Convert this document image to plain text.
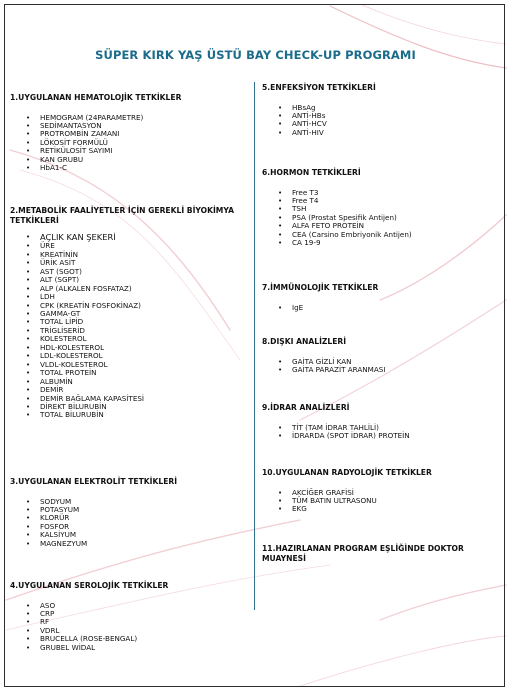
SÜPER KIRK YAŞ ÜSTÜ BAY CHECK-UP PROGRAMI
1.UYGULANAN HEMATOLOJİK TETKİKLER
• HEMOGRAM (24PARAMETRE)
• SEDİMANTASYON
• PROTROMBİN ZAMANI
• LÖKOSİT FORMÜLÜ
• RETİKÜLOSİT SAYIMI
• KAN GRUBU
• HbA1-C
2.METABOLİK FAALİYETLER İÇİN GEREKLİ BİYOKİMYA TETKİKLERİ
• AÇLIK KAN ŞEKERİ
• ÜRE
• KREATİNİN
• ÜRİK ASİT
• AST (SGOT)
• ALT (SGPT)
• ALP (ALKALEN FOSFATAZ)
• LDH
• CPK (KREATİN FOSFOKİNAZ)
• GAMMA-GT
• TOTAL LİPİD
• TRİGLİSERİD
• KOLESTEROL
• HDL-KOLESTEROL
• LDL-KOLESTEROL
• VLDL-KOLESTEROL
• TOTAL PROTEİN
• ALBUMİN
• DEMİR
• DEMİR BAĞLAMA KAPASİTESİ
• DİREKT BİLURUBİN
• TOTAL BİLURUBİN
3.UYGULANAN ELEKTROLİT TETKİKLERİ
• SODYUM
• POTASYUM
• KLORÜR
• FOSFOR
• KALSİYUM
• MAGNEZYUM
4.UYGULANAN SEROLOJİK TETKİKLER
• ASO
• CRP
• RF
• VDRL
• BRUCELLA (ROSE-BENGAL)
• GRUBEL WİDAL
5.ENFEKSİYON TETKİKLERİ
• HBsAg
• ANTİ-HBs
• ANTİ-HCV
• ANTİ-HIV
6.HORMON TETKİKLERİ
• Free T3
• Free T4
• TSH
• PSA (Prostat Spesifik Antijen)
• ALFA FETO PROTEİN
• CEA (Carsino Embriyonik Antijen)
• CA 19-9
7.İMMÜNOLOJİK TETKİKLER
• IgE
8.DIŞKI ANALİZLERİ
• GAİTA GİZLİ KAN
• GAİTA PARAZİT ARANMASI
9.İDRAR ANALİZLERİ
• TİT (TAM İDRAR TAHLİLİ)
• İDRARDA (SPOT İDRAR) PROTEİN
10.UYGULANAN RADYOLOJİK TETKİKLER
• AKCİĞER GRAFİSİ
• TÜM BATIN ULTRASONU
• EKG
11.HAZIRLANAN PROGRAM EŞLİĞİNDE DOKTOR MUAYNESİ
